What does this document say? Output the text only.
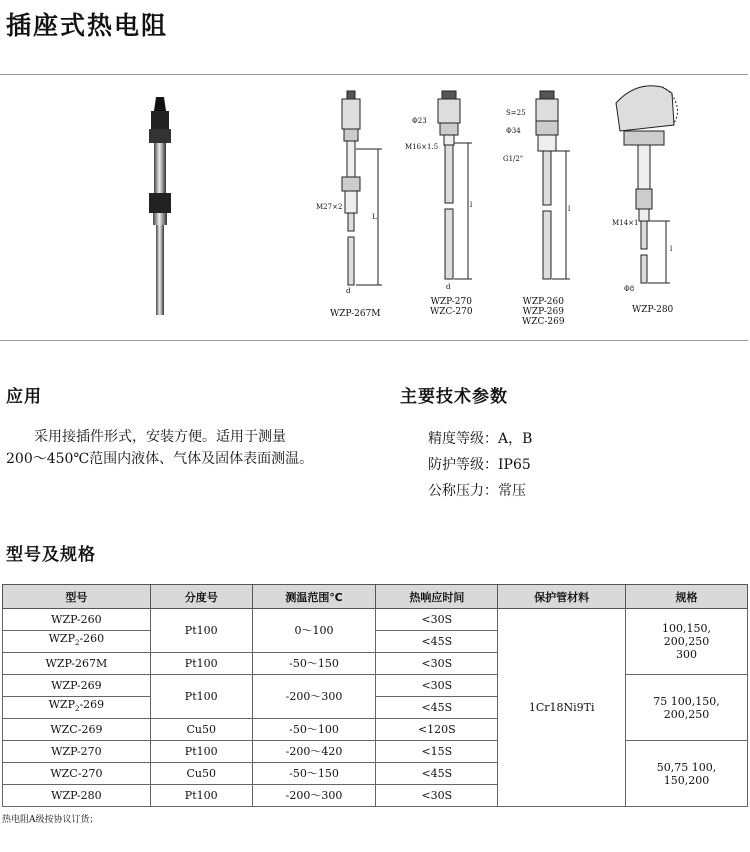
插座式热电阻
M27×2
L
d
WZP-267M
Φ23
M16×1.5
l
d
WZP-270
WZC-270
S=25
Φ34
G1/2"
l
WZP-260
WZP-269
WZC-269
M14×1
l
Φ8
WZP-280
应用
采用接插件形式，安装方便。适用于测量
200～450℃范围内液体、气体及固体表面测温。
主要技术参数
精度等级：A，B
防护等级：IP65
公称压力：常压
型号及规格
型号	分度号	测温范围℃	热响应时间	保护管材料	规格
WZP-260	Pt100	0～100	<30S	1Cr18Ni9Ti	100,150,
200,250
300
$WZP_2-260$			<45S		
WZP-267M	Pt100	-50～150	<30S		
WZP-269	Pt100	-200～300	<30S		75 100,150,
200,250
$WZP_2-269$			<45S		
WZC-269	Cu50	-50～100	<120S		
WZP-270	Pt100	-200～420	<15S		50,75 100,
150,200
WZC-270	Cu50	-50～150	<45S		
WZP-280	Pt100	-200～300	<30S		
热电阻A级按协议订货；
